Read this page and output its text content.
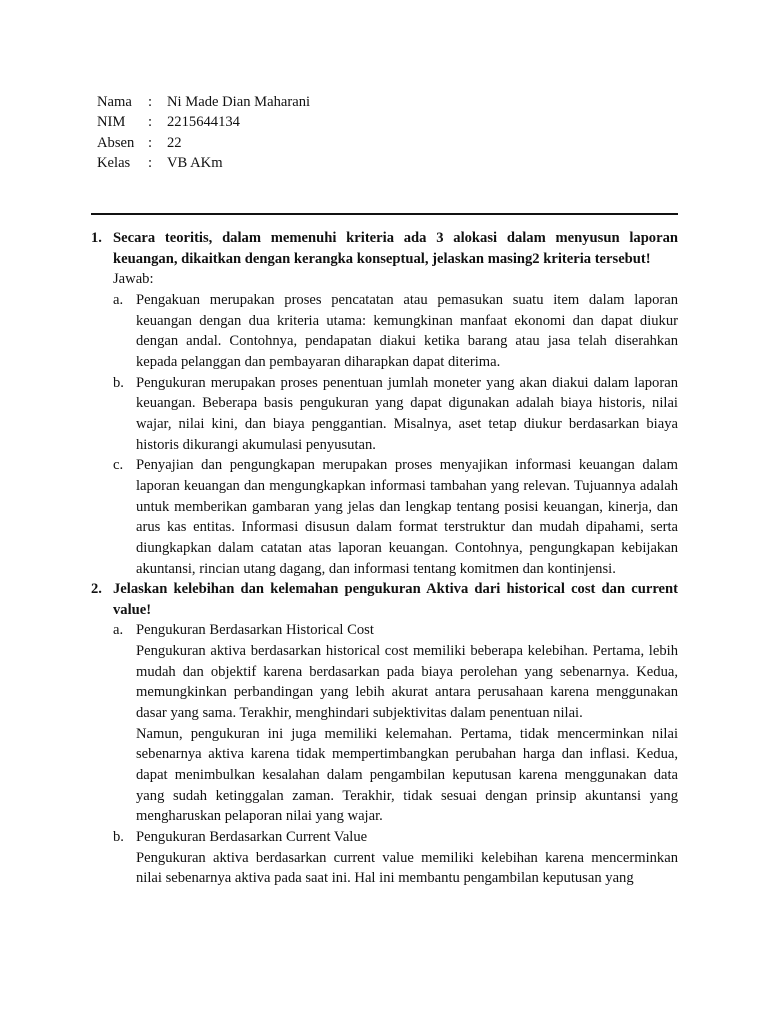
Nama	:	Ni Made Dian Maharani
NIM	:	2215644134
Absen :	22
Kelas	:	VB AKm
1. Secara teoritis, dalam memenuhi kriteria ada 3 alokasi dalam menyusun laporan keuangan, dikaitkan dengan kerangka konseptual, jelaskan masing2 kriteria tersebut!
Jawab:
a. Pengakuan merupakan proses pencatatan atau pemasukan suatu item dalam laporan keuangan dengan dua kriteria utama: kemungkinan manfaat ekonomi dan dapat diukur dengan andal. Contohnya, pendapatan diakui ketika barang atau jasa telah diserahkan kepada pelanggan dan pembayaran diharapkan dapat diterima.

b. Pengukuran merupakan proses penentuan jumlah moneter yang akan diakui dalam laporan keuangan. Beberapa basis pengukuran yang dapat digunakan adalah biaya historis, nilai wajar, nilai kini, dan biaya penggantian. Misalnya, aset tetap diukur berdasarkan biaya historis dikurangi akumulasi penyusutan.

c. Penyajian dan pengungkapan merupakan proses menyajikan informasi keuangan dalam laporan keuangan dan mengungkapkan informasi tambahan yang relevan. Tujuannya adalah untuk memberikan gambaran yang jelas dan lengkap tentang posisi keuangan, kinerja, dan arus kas entitas. Informasi disusun dalam format terstruktur dan mudah dipahami, serta diungkapkan dalam catatan atas laporan keuangan. Contohnya, pengungkapan kebijakan akuntansi, rincian utang dagang, dan informasi tentang komitmen dan kontinjensi.

2. Jelaskan kelebihan dan kelemahan pengukuran Aktiva dari historical cost dan current value!
a. Pengukuran Berdasarkan Historical Cost

Pengukuran aktiva berdasarkan historical cost memiliki beberapa kelebihan. Pertama, lebih mudah dan objektif karena berdasarkan pada biaya perolehan yang sebenarnya. Kedua, memungkinkan perbandingan yang lebih akurat antara perusahaan karena menggunakan dasar yang sama. Terakhir, menghindari subjektivitas dalam penentuan nilai.

Namun, pengukuran ini juga memiliki kelemahan. Pertama, tidak mencerminkan nilai sebenarnya aktiva karena tidak mempertimbangkan perubahan harga dan inflasi. Kedua, dapat menimbulkan kesalahan dalam pengambilan keputusan karena menggunakan data yang sudah ketinggalan zaman. Terakhir, tidak sesuai dengan prinsip akuntansi yang mengharuskan pelaporan nilai yang wajar.

b. Pengukuran Berdasarkan Current Value

Pengukuran aktiva berdasarkan current value memiliki kelebihan karena mencerminkan nilai sebenarnya aktiva pada saat ini. Hal ini membantu pengambilan keputusan yang
